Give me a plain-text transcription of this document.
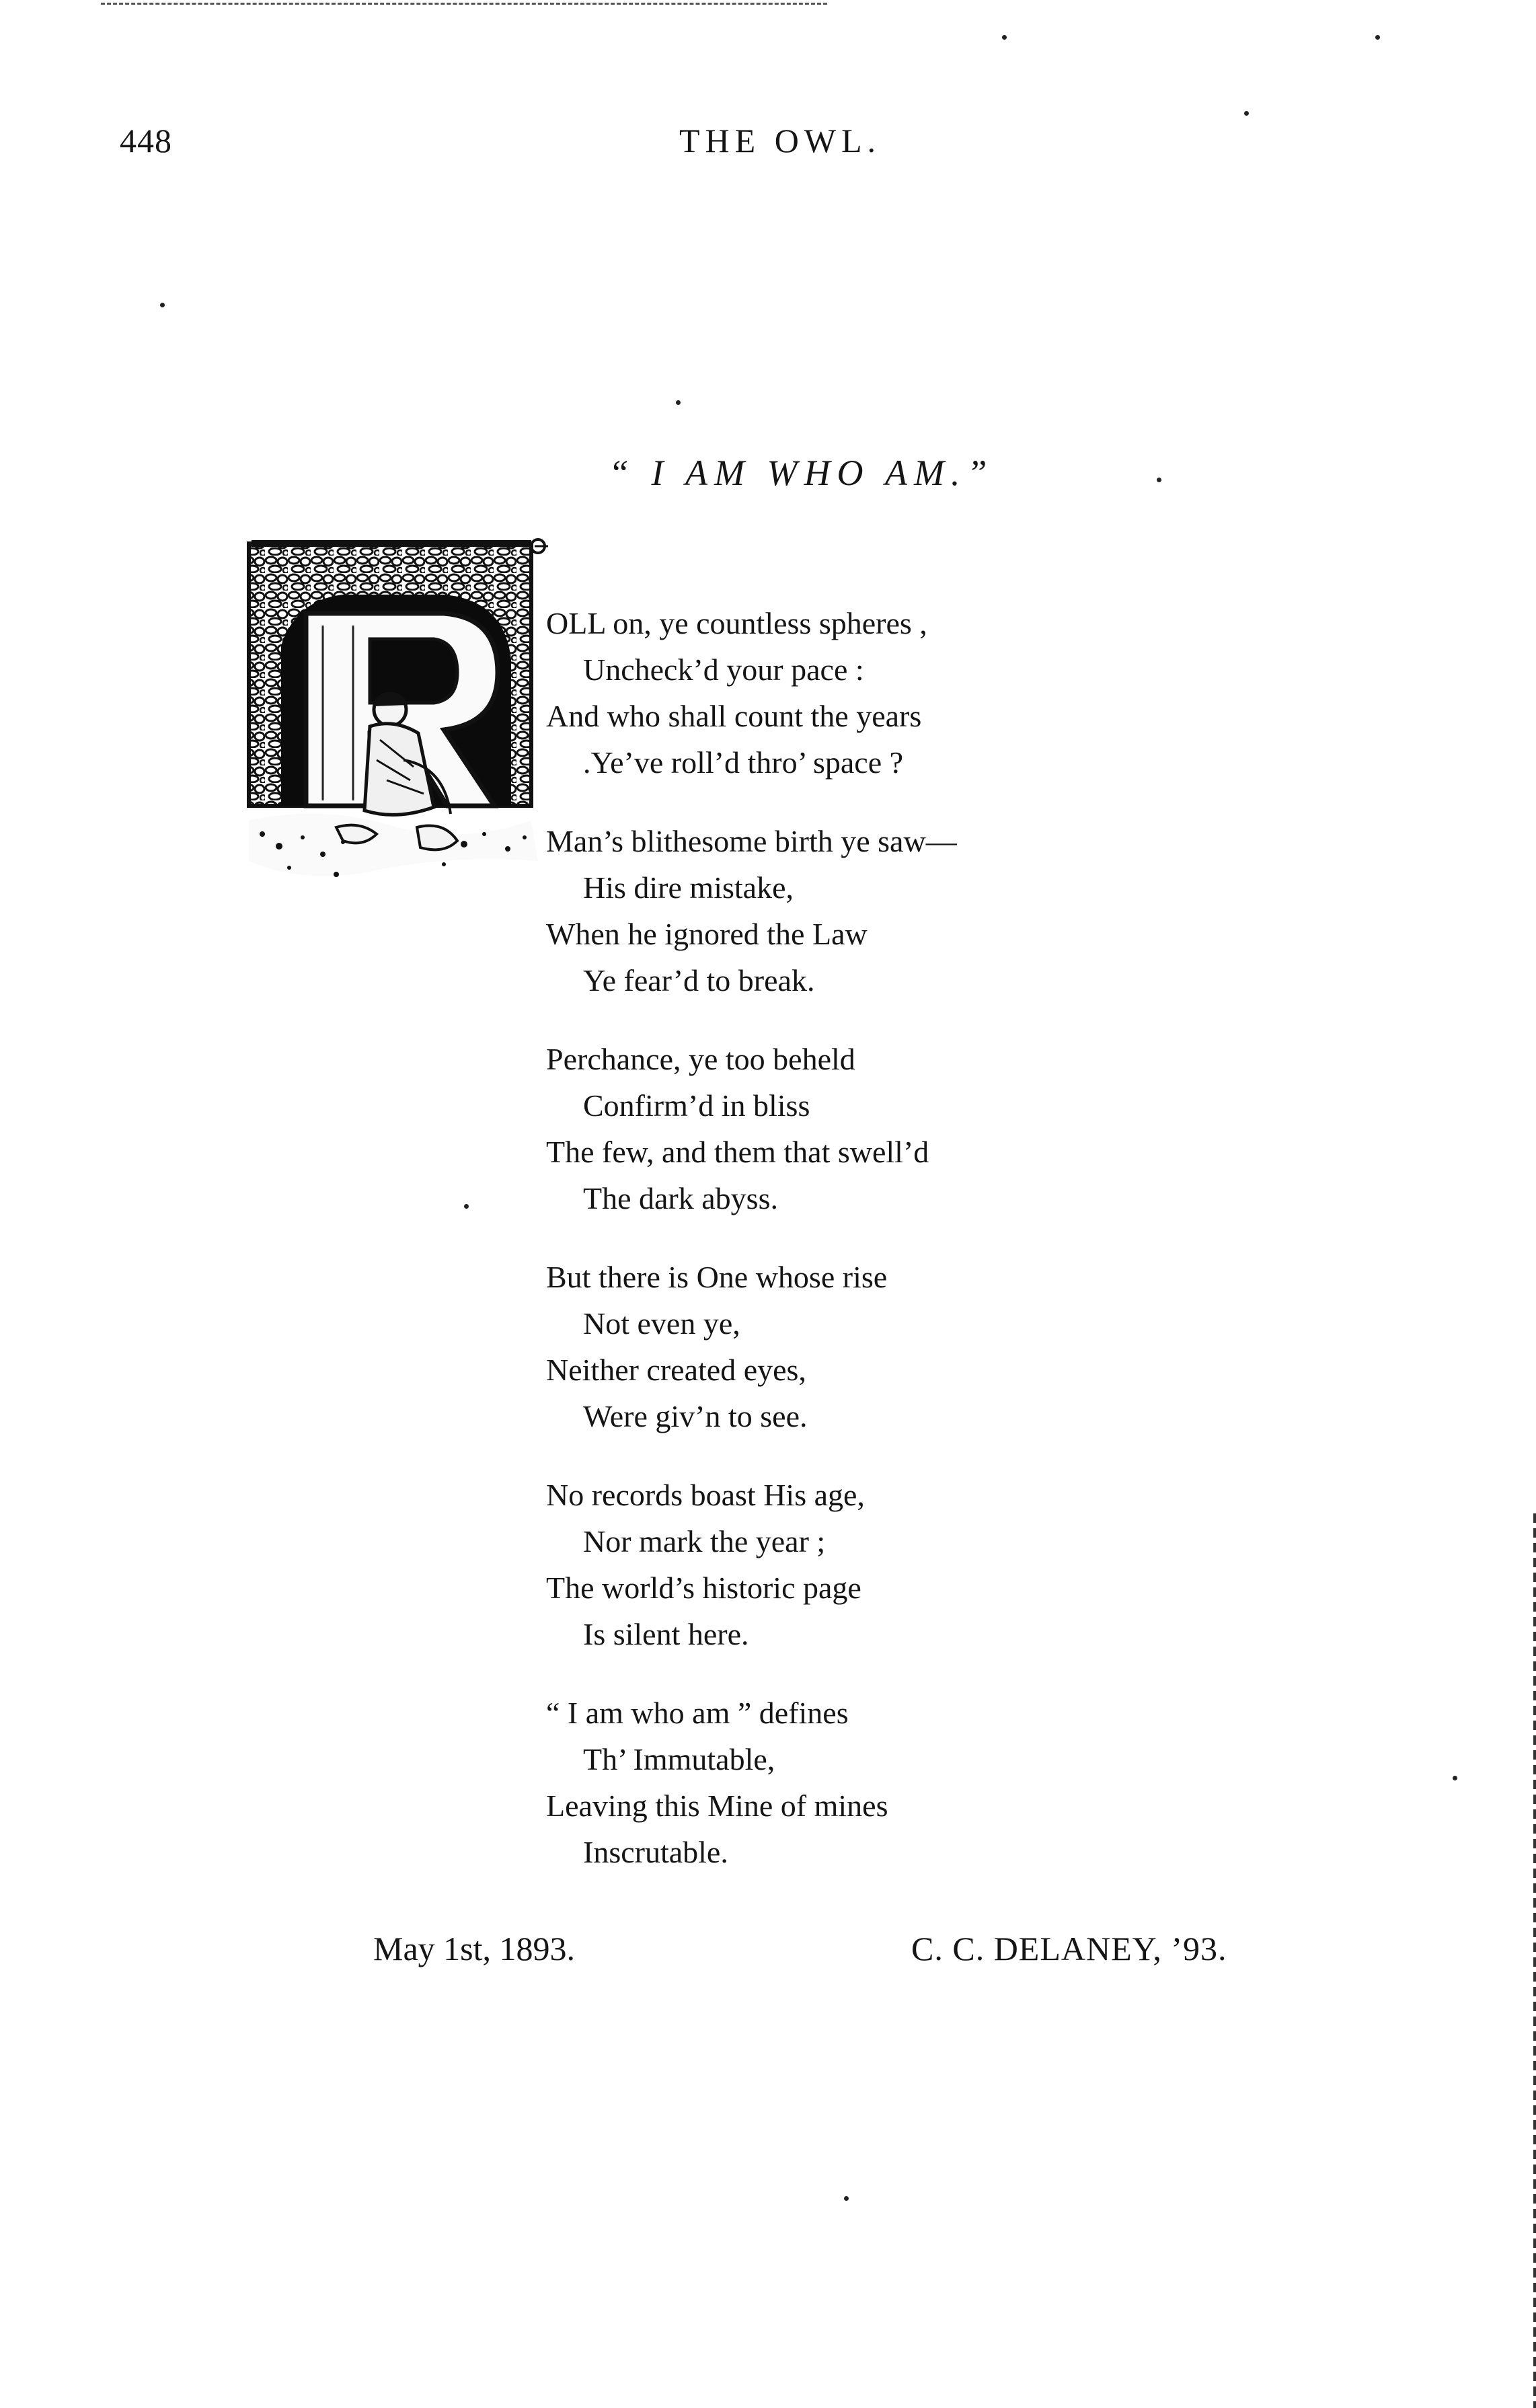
448	THE OWL.
“ I AM WHO AM.”
OLL on, ye countless spheres ,
Uncheck’d your pace :
And who shall count the years
.Ye’ve roll’d thro’ space ?
Man’s blithesome birth ye saw—
His dire mistake,
When he ignored the Law
Ye fear’d to break.
Perchance, ye too beheld
Confirm’d in bliss
The few, and them that swell’d
The dark abyss.
But there is One whose rise
Not even ye,
Neither created eyes,
Were giv’n to see.
No records boast His age,
Nor mark the year ;
The world’s historic page
Is silent here.
“ I am who am ” defines
Th’ Immutable,
Leaving this Mine of mines
Inscrutable.
May 1st, 1893.	C. C. DELANEY, ’93.
